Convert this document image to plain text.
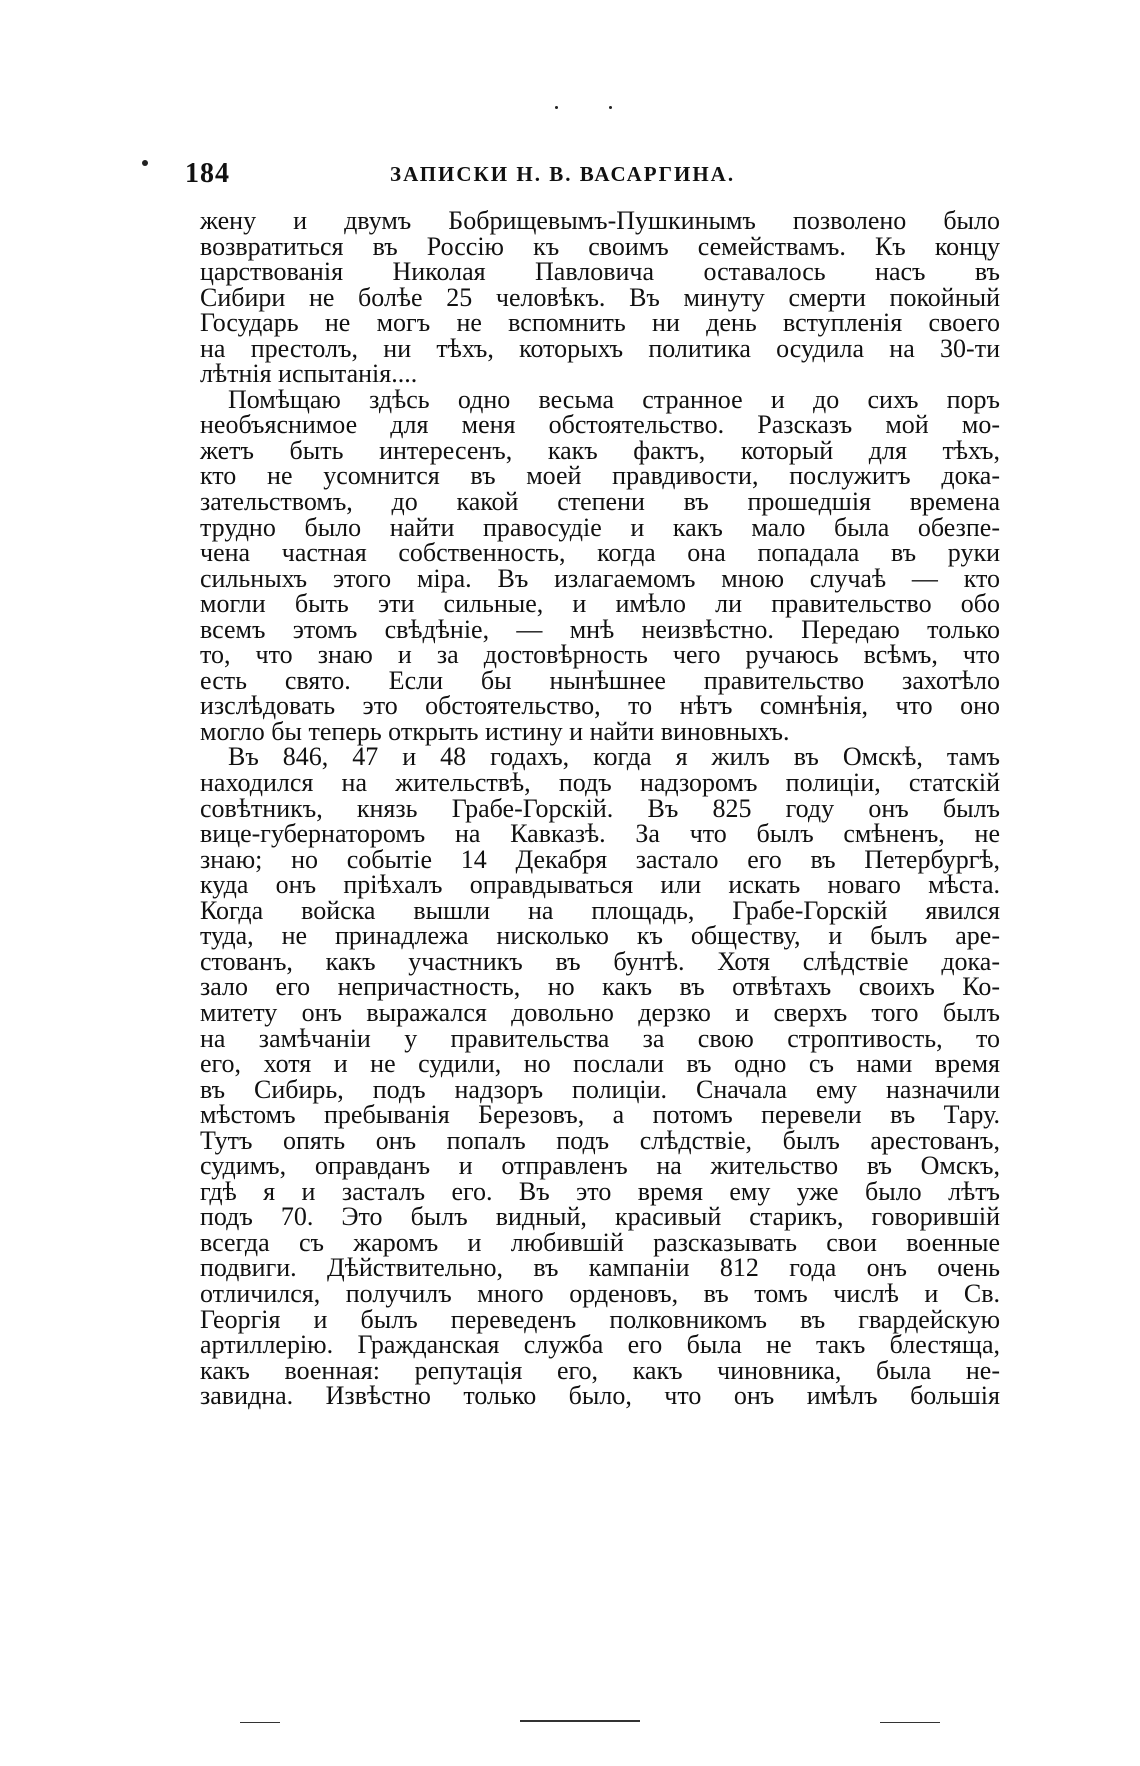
184	ЗАПИСКИ Н. В. ВАСАРГИНА.
жену и двумъ Бобрищевымъ-Пушкинымъ позволено было
возвратиться въ Россію къ своимъ семействамъ. Къ концу
царствованія Николая Павловича оставалось насъ въ
Сибири не болѣе 25 человѣкъ. Въ минуту смерти покойный
Государь не могъ не вспомнить ни день вступленія своего
на престолъ, ни тѣхъ, которыхъ политика осудила на 30-ти
лѣтнія испытанія....
Помѣщаю здѣсь одно весьма странное и до сихъ поръ
необъяснимое для меня обстоятельство. Разсказъ мой мо-
жетъ быть интересенъ, какъ фактъ, который для тѣхъ,
кто не усомнится въ моей правдивости, послужитъ дока-
зательствомъ, до какой степени въ прошедшія времена
трудно было найти правосудіе и какъ мало была обезпе-
чена частная собственность, когда она попадала въ руки
сильныхъ этого міра. Въ излагаемомъ мною случаѣ — кто
могли быть эти сильные, и имѣло ли правительство обо
всемъ этомъ свѣдѣніе, — мнѣ неизвѣстно. Передаю только
то, что знаю и за достовѣрность чего ручаюсь всѣмъ, что
есть свято. Если бы нынѣшнее правительство захотѣло
изслѣдовать это обстоятельство, то нѣтъ сомнѣнія, что оно
могло бы теперь открыть истину и найти виновныхъ.
Въ 846, 47 и 48 годахъ, когда я жилъ въ Омскѣ, тамъ
находился на жительствѣ, подъ надзоромъ полиціи, статскій
совѣтникъ, князь Грабе-Горскій. Въ 825 году онъ былъ
вице-губернаторомъ на Кавказѣ. За что былъ смѣненъ, не
знаю; но событіе 14 Декабря застало его въ Петербургѣ,
куда онъ пріѣхалъ оправдываться или искать новаго мѣста.
Когда войска вышли на площадь, Грабе-Горскій явился
туда, не принадлежа нисколько къ обществу, и былъ аре-
стованъ, какъ участникъ въ бунтѣ. Хотя слѣдствіе дока-
зало его непричастность, но какъ въ отвѣтахъ своихъ Ко-
митету онъ выражался довольно дерзко и сверхъ того былъ
на замѣчаніи у правительства за свою строптивость, то
его, хотя и не судили, но послали въ одно съ нами время
въ Сибирь, подъ надзоръ полиціи. Сначала ему назначили
мѣстомъ пребыванія Березовъ, а потомъ перевели въ Тару.
Тутъ опять онъ попалъ подъ слѣдствіе, былъ арестованъ,
судимъ, оправданъ и отправленъ на жительство въ Омскъ,
гдѣ я и засталъ его. Въ это время ему уже было лѣтъ
подъ 70. Это былъ видный, красивый старикъ, говорившій
всегда съ жаромъ и любившій разсказывать свои военные
подвиги. Дѣйствительно, въ кампаніи 812 года онъ очень
отличился, получилъ много орденовъ, въ томъ числѣ и Св.
Георгія и былъ переведенъ полковникомъ въ гвардейскую
артиллерію. Гражданская служба его была не такъ блестяща,
какъ военная: репутація его, какъ чиновника, была не-
завидна. Извѣстно только было, что онъ имѣлъ большія
